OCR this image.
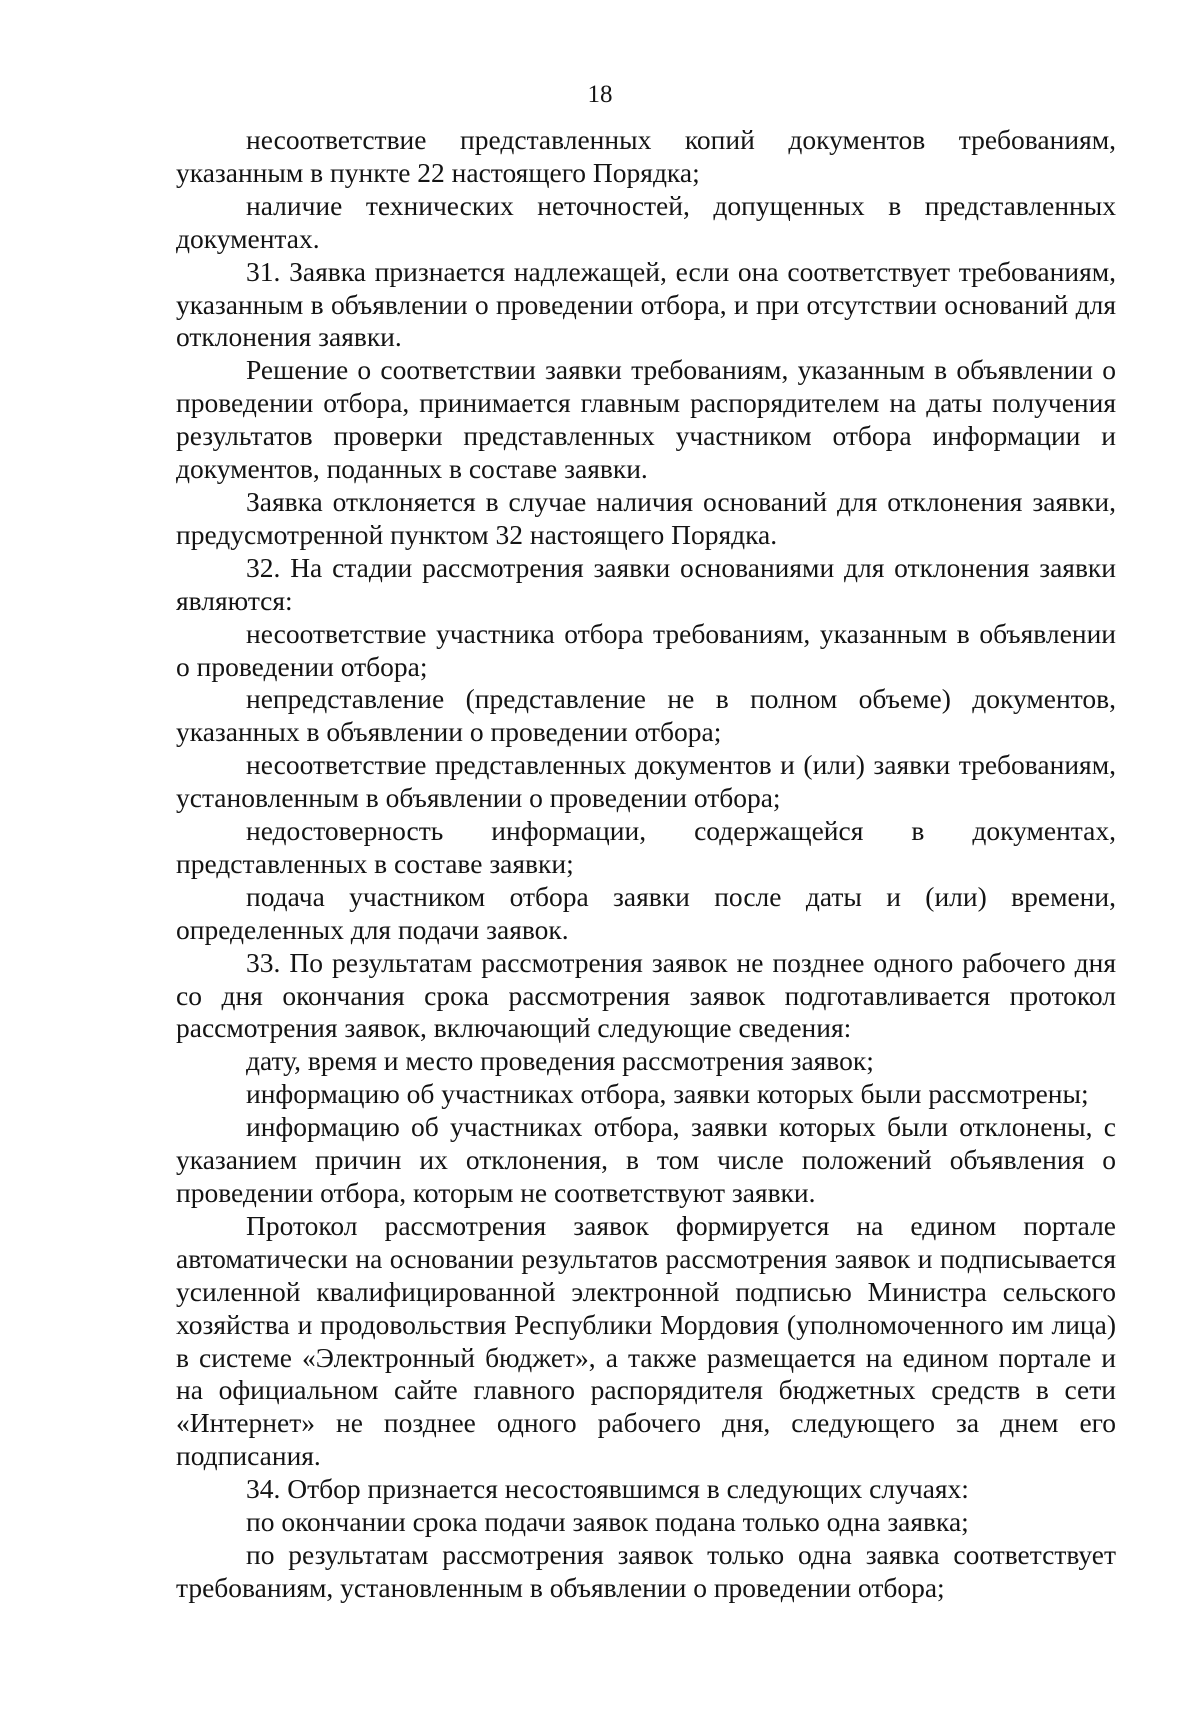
18

несоответствие представленных копий документов требованиям, указанным в пункте 22 настоящего Порядка;

наличие технических неточностей, допущенных в представленных документах.

31. Заявка признается надлежащей, если она соответствует требованиям, указанным в объявлении о проведении отбора, и при отсутствии оснований для отклонения заявки.

Решение о соответствии заявки требованиям, указанным в объявлении о проведении отбора, принимается главным распорядителем на даты получения результатов проверки представленных участником отбора информации и документов, поданных в составе заявки.

Заявка отклоняется в случае наличия оснований для отклонения заявки, предусмотренной пунктом 32 настоящего Порядка.

32. На стадии рассмотрения заявки основаниями для отклонения заявки являются:

несоответствие участника отбора требованиям, указанным в объявлении о проведении отбора;

непредставление (представление не в полном объеме) документов, указанных в объявлении о проведении отбора;

несоответствие представленных документов и (или) заявки требованиям, установленным в объявлении о проведении отбора;

недостоверность информации, содержащейся в документах, представленных в составе заявки;

подача участником отбора заявки после даты и (или) времени, определенных для подачи заявок.

33. По результатам рассмотрения заявок не позднее одного рабочего дня со дня окончания срока рассмотрения заявок подготавливается протокол рассмотрения заявок, включающий следующие сведения:

дату, время и место проведения рассмотрения заявок;

информацию об участниках отбора, заявки которых были рассмотрены;

информацию об участниках отбора, заявки которых были отклонены, с указанием причин их отклонения, в том числе положений объявления о проведении отбора, которым не соответствуют заявки.

Протокол рассмотрения заявок формируется на едином портале автоматически на основании результатов рассмотрения заявок и подписывается усиленной квалифицированной электронной подписью Министра сельского хозяйства и продовольствия Республики Мордовия (уполномоченного им лица) в системе «Электронный бюджет», а также размещается на едином портале и на официальном сайте главного распорядителя бюджетных средств в сети «Интернет» не позднее одного рабочего дня, следующего за днем его подписания.

34. Отбор признается несостоявшимся в следующих случаях:

по окончании срока подачи заявок подана только одна заявка;

по результатам рассмотрения заявок только одна заявка соответствует требованиям, установленным в объявлении о проведении отбора;
